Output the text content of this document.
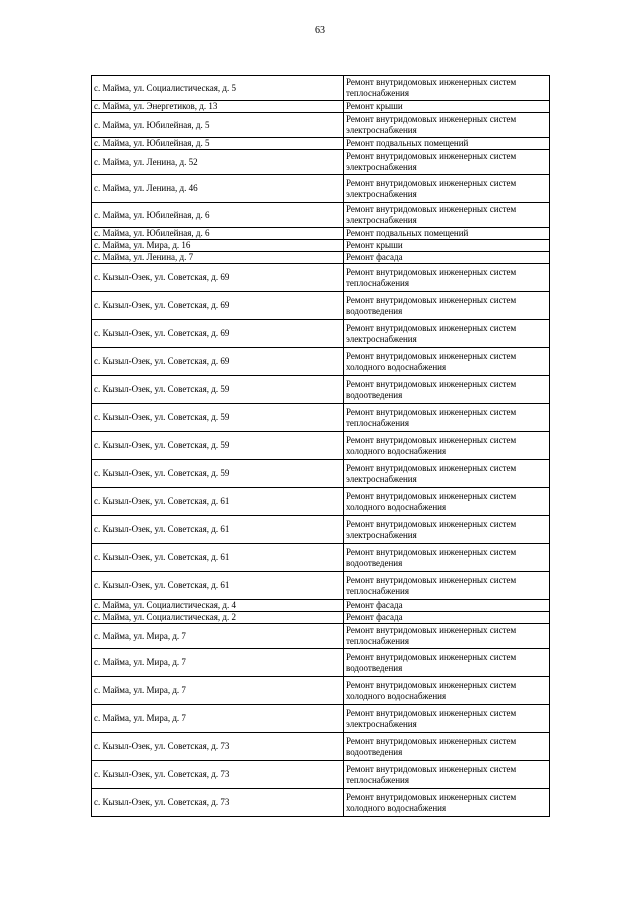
63
с. Майма, ул. Социалистическая, д. 5	Ремонт внутридомовых инженерных систем теплоснабжения
с. Майма, ул. Энергетиков, д. 13	Ремонт крыши
с. Майма, ул. Юбилейная, д. 5	Ремонт внутридомовых инженерных систем электроснабжения
с. Майма, ул. Юбилейная, д. 5	Ремонт подвальных помещений
с. Майма, ул. Ленина, д. 52	Ремонт внутридомовых инженерных систем электроснабжения
с. Майма, ул. Ленина, д. 46	Ремонт внутридомовых инженерных систем электроснабжения
с. Майма, ул. Юбилейная, д. 6	Ремонт внутридомовых инженерных систем электроснабжения
с. Майма, ул. Юбилейная, д. 6	Ремонт подвальных помещений
с. Майма, ул. Мира, д. 16	Ремонт крыши
с. Майма, ул. Ленина, д. 7	Ремонт фасада
с. Кызыл-Озек, ул. Советская, д. 69	Ремонт внутридомовых инженерных систем теплоснабжения
с. Кызыл-Озек, ул. Советская, д. 69	Ремонт внутридомовых инженерных систем водоотведения
с. Кызыл-Озек, ул. Советская, д. 69	Ремонт внутридомовых инженерных систем электроснабжения
с. Кызыл-Озек, ул. Советская, д. 69	Ремонт внутридомовых инженерных систем холодного водоснабжения
с. Кызыл-Озек, ул. Советская, д. 59	Ремонт внутридомовых инженерных систем водоотведения
с. Кызыл-Озек, ул. Советская, д. 59	Ремонт внутридомовых инженерных систем теплоснабжения
с. Кызыл-Озек, ул. Советская, д. 59	Ремонт внутридомовых инженерных систем холодного водоснабжения
с. Кызыл-Озек, ул. Советская, д. 59	Ремонт внутридомовых инженерных систем электроснабжения
с. Кызыл-Озек, ул. Советская, д. 61	Ремонт внутридомовых инженерных систем холодного водоснабжения
с. Кызыл-Озек, ул. Советская, д. 61	Ремонт внутридомовых инженерных систем электроснабжения
с. Кызыл-Озек, ул. Советская, д. 61	Ремонт внутридомовых инженерных систем водоотведения
с. Кызыл-Озек, ул. Советская, д. 61	Ремонт внутридомовых инженерных систем теплоснабжения
с. Майма, ул. Социалистическая, д. 4	Ремонт фасада
с. Майма, ул. Социалистическая, д. 2	Ремонт фасада
с. Майма, ул. Мира, д. 7	Ремонт внутридомовых инженерных систем теплоснабжения
с. Майма, ул. Мира, д. 7	Ремонт внутридомовых инженерных систем водоотведения
с. Майма, ул. Мира, д. 7	Ремонт внутридомовых инженерных систем холодного водоснабжения
с. Майма, ул. Мира, д. 7	Ремонт внутридомовых инженерных систем электроснабжения
с. Кызыл-Озек, ул. Советская, д. 73	Ремонт внутридомовых инженерных систем водоотведения
с. Кызыл-Озек, ул. Советская, д. 73	Ремонт внутридомовых инженерных систем теплоснабжения
с. Кызыл-Озек, ул. Советская, д. 73	Ремонт внутридомовых инженерных систем холодного водоснабжения
